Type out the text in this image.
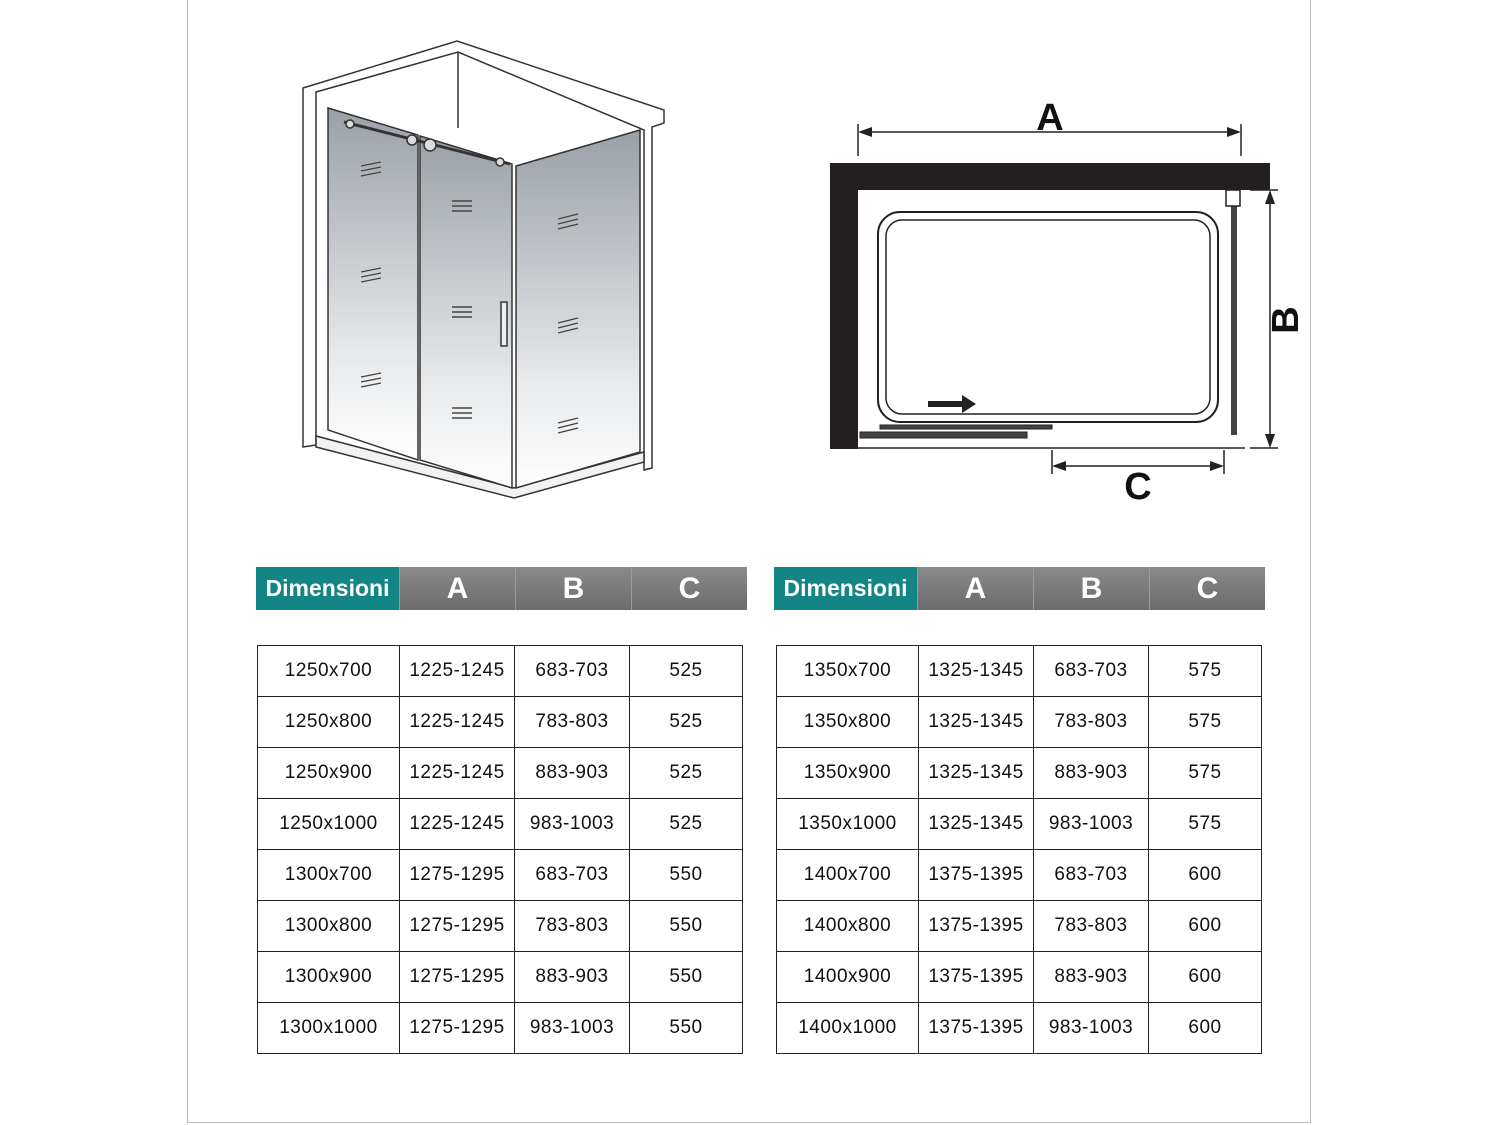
A
C
B
Dimensioni	A	B	C	Dimensioni	A	B	C
1250x700	1225-1245	683-703	525
1250x800	1225-1245	783-803	525
1250x900	1225-1245	883-903	525
1250x1000	1225-1245	983-1003	525
1300x700	1275-1295	683-703	550
1300x800	1275-1295	783-803	550
1300x900	1275-1295	883-903	550
1300x1000	1275-1295	983-1003	550
1350x700	1325-1345	683-703	575
1350x800	1325-1345	783-803	575
1350x900	1325-1345	883-903	575
1350x1000	1325-1345	983-1003	575
1400x700	1375-1395	683-703	600
1400x800	1375-1395	783-803	600
1400x900	1375-1395	883-903	600
1400x1000	1375-1395	983-1003	600
